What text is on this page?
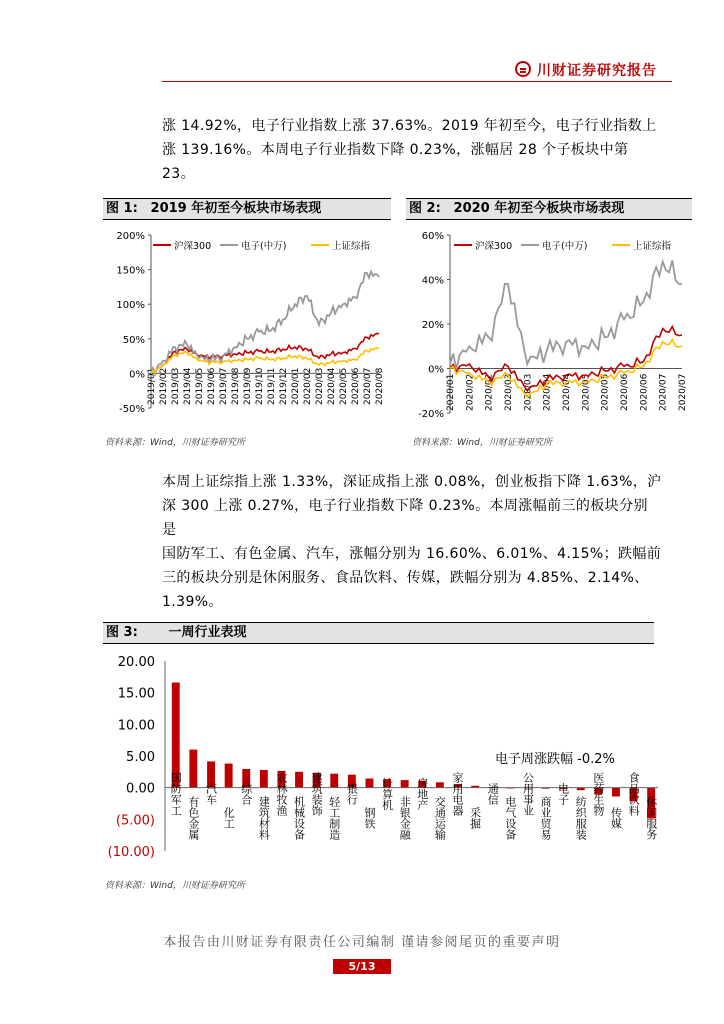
川财证券研究报告
涨 14.92%，电子行业指数上涨 37.63%。2019 年初至今，电子行业指数上
涨 139.16%。本周电子行业指数下降 0.23%，涨幅居 28 个子板块中第 23。
图 1: 2019 年初至今板块市场表现
200%
150%
100%
50%
0%
-50%
2019/01 2019/02 2019/03 2019/04 2019/05 2019/06 2019/07 2019/08 2019/09 2019/10 2019/11 2019/12 2020/01 2020/02 2020/03 2020/04 2020/05 2020/06 2020/07 2020/08
沪深300	电子(中万)	上证综指
资料来源：Wind，川财证券研究所
图 2: 2020 年初至今板块市场表现
60%
40%
20%
0%
-20%
2020/01 2020/02 2020/02 2020/03 2020/03 2020/04 2020/04 2020/05 2020/05 2020/06 2020/06 2020/07 2020/07
沪深300	电子(中万)	上证综指
资料来源：Wind，川财证券研究所
本周上证综指上涨 1.33%，深证成指上涨 0.08%，创业板指下降 1.63%，沪
深 300 上涨 0.27%，电子行业指数下降 0.23%。本周涨幅前三的板块分别是
国防军工、有色金属、汽车，涨幅分别为 16.60%、6.01%、4.15%；跌幅前
三的板块分别是休闲服务、食品饮料、传媒，跌幅分别为 4.85%、2.14%、
1.39%。
图 3: 一周行业表现
20.00
15.00
10.00
5.00
0.00
(5.00)
(10.00)
国防军工
有色金属
汽车
化工
综合
建筑材料
农林牧渔
机械设备
建筑装饰
轻工制造
银行
钢铁
计算机
非银金融
房地产
交通运输
家用电器
采掘
通信
电气设备
公用事业
商业贸易
电子
纺织服装
医药生物
传媒
食品饮料
休闲服务
电子周涨跌幅 -0.2%
资料来源：Wind，川财证券研究所
本报告由川财证券有限责任公司编制 谨请参阅尾页的重要声明
5/13
